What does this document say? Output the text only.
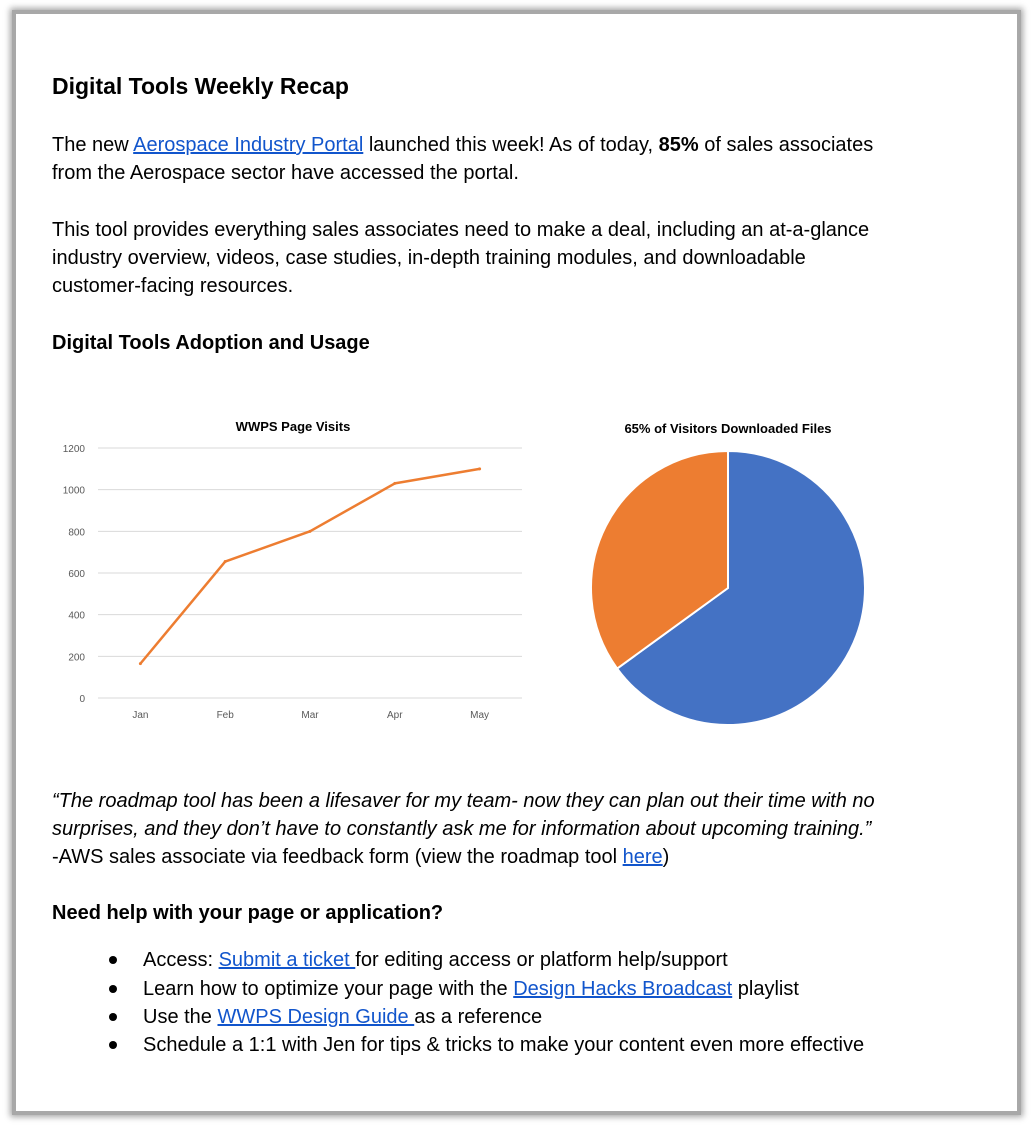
Digital Tools Weekly Recap
The new Aerospace Industry Portal launched this week! As of today, 85% of sales associates
from the Aerospace sector have accessed the portal.
This tool provides everything sales associates need to make a deal, including an at-a-glance
industry overview, videos, case studies, in-depth training modules, and downloadable
customer-facing resources.
Digital Tools Adoption and Usage
0
200
400
600
800
1000
1200
Jan	Feb	Mar	Apr	May
WWPS Page Visits	65% of Visitors Downloaded Files
“The roadmap tool has been a lifesaver for my team- now they can plan out their time with no
surprises, and they don’t have to constantly ask me for information about upcoming training.”
-AWS sales associate via feedback form (view the roadmap tool here)
Need help with your page or application?
Access: Submit a ticket for editing access or platform help/support
Learn how to optimize your page with the Design Hacks Broadcast playlist
Use the WWPS Design Guide as a reference
Schedule a 1:1 with Jen for tips & tricks to make your content even more effective
